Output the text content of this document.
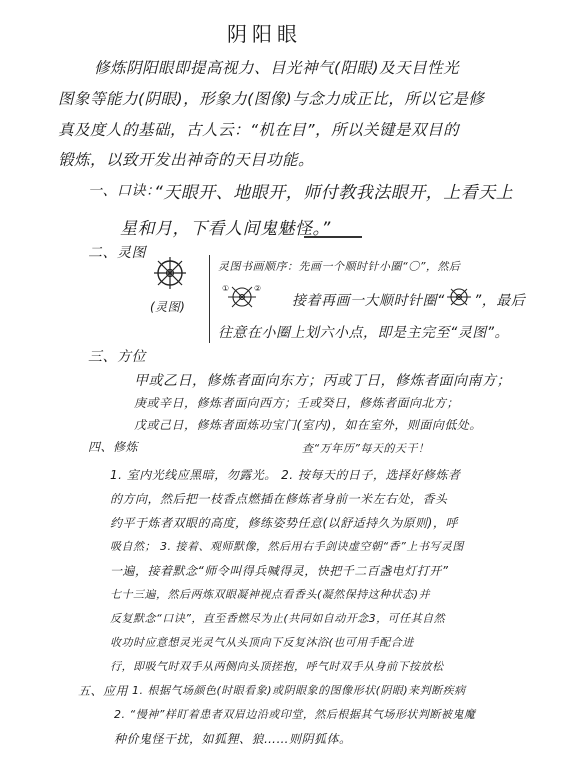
阴阳眼
修炼阴阳眼即提高视力、目光神气(阳眼)及天目性光
图象等能力(阴眼)，形象力(图像)与念力成正比，所以它是修
真及度人的基础，古人云：“机在目”，所以关键是双目的
锻炼，以致开发出神奇的天目功能。
一、口诀：
“天眼开、地眼开，师付教我法眼开，上看天上
星和月，下看人间鬼魅怪。”
二、灵图
(灵图)
灵图书画顺序：先画一个顺时针小圈“〇”，然后
①	②
接着再画一大顺时针圈“ ”，最后
往意在小圈上划六小点，即是主完至“灵图”。
三、方位
甲或乙日，修炼者面向东方；丙或丁日，修炼者面向南方；
庚或辛日，修炼者面向西方；壬或癸日，修炼者面向北方；
戊或己日，修炼者面炼功宝门(室内)，如在室外，则面向低处。
查“万年历”每天的天干！
四、修炼
1. 室内光线应黑暗，勿露光。 2. 按每天的日子，选择好修炼者
的方向，然后把一枝香点燃插在修炼者身前一米左右处，香头
约平于炼者双眼的高度，修练姿势任意(以舒适持久为原则)，呼
吸自然； 3. 接着、观师默像，然后用右手剑诀虚空朝“香”上书写灵图
一遍，接着默念“师令叫得兵喊得灵，快把千二百盏电灯打开”
七十三遍，然后两炼双眼凝神视点看香头(凝然保持这种状态)并
反复默念“口诀”，直至香燃尽为止(共同如自动开念3，可任其自然
收功时应意想灵光灵气从头顶向下反复沐浴(也可用手配合进
行，即吸气时双手从两侧向头顶搓抱，呼气时双手从身前下按放松
五、应用 1. 根据气场颜色(时眼看象)或阴眼象的图像形状(阴眼)来判断疾病
2. “慢神”样盯着患者双眉边沿或印堂，然后根据其气场形状判断被鬼魔
种价鬼怪干扰，如狐狸、狼……则阴狐体。
